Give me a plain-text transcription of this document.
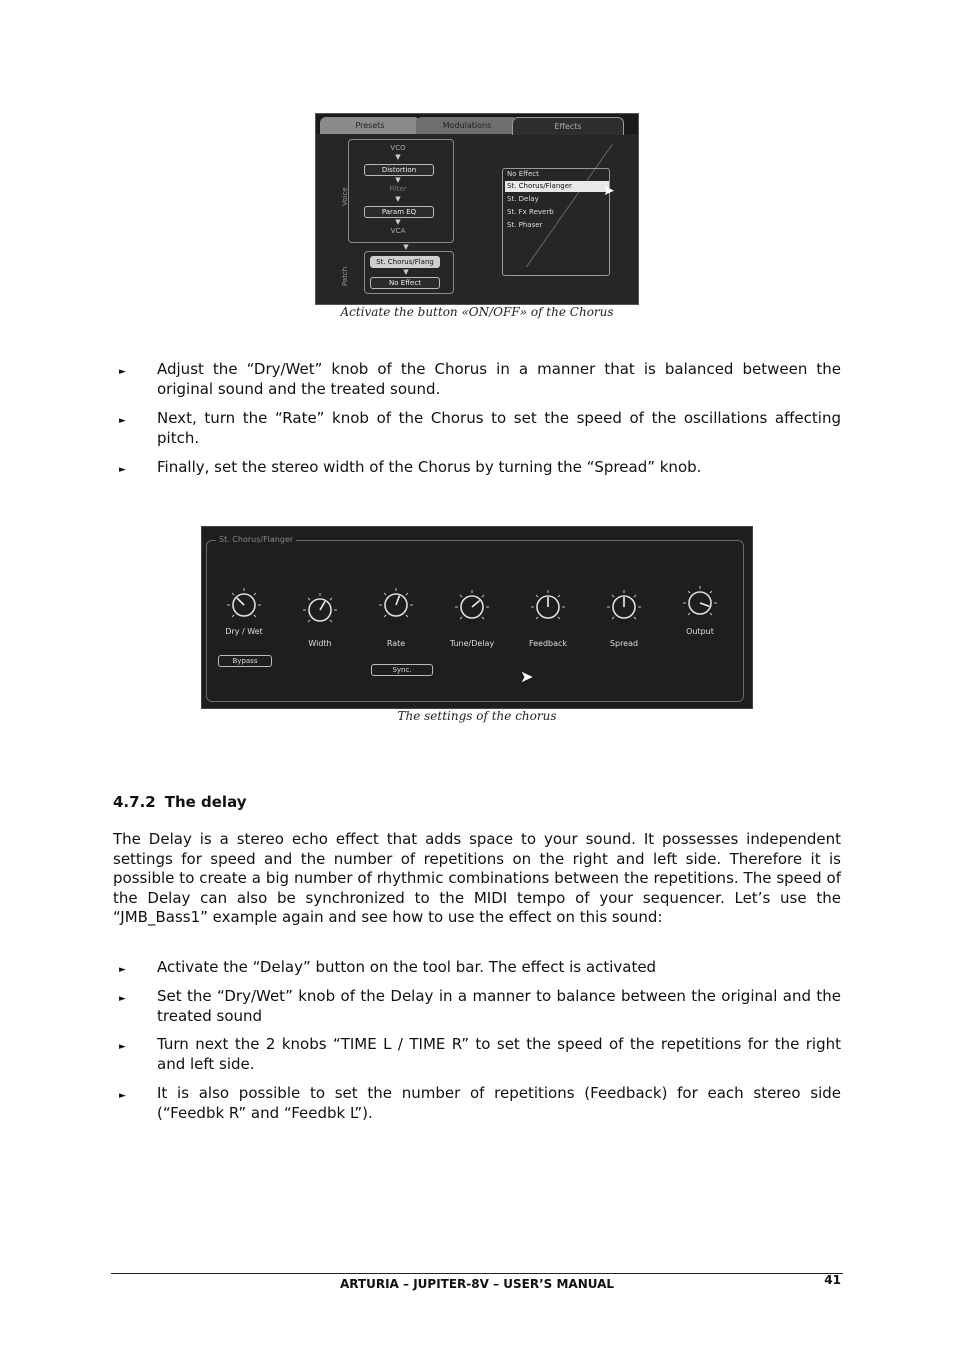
Presets	Modulations	Effects
Voice
VCO
▼
Distortion
▼
Filter
▼
Param EQ
▼
VCA
▼
Patch
St. Chorus/Flang
▼
No Effect
No Effect
St. Chorus/Flanger
St. Delay
St. Fx Reverb
St. Phaser
➤
Activate the button «ON/OFF» of the Chorus
► Adjust the “Dry/Wet” knob of the Chorus in a manner that is balanced between the original sound and the treated sound.
► Next, turn the “Rate” knob of the Chorus to set the speed of the oscillations affecting pitch.
► Finally, set the stereo width of the Chorus by turning the “Spread” knob.
St. Chorus/Flanger
Dry / Wet
Width	Rate	Tune/Delay	Feedback	Spread
Output
Bypass
Sync.	➤
The settings of the chorus
4.7.2 The delay
The Delay is a stereo echo effect that adds space to your sound. It possesses independent settings for speed and the number of repetitions on the right and left side. Therefore it is possible to create a big number of rhythmic combinations between the repetitions. The speed of the Delay can also be synchronized to the MIDI tempo of your sequencer. Let’s use the “JMB_Bass1” example again and see how to use the effect on this sound:
► Activate the “Delay” button on the tool bar. The effect is activated
► Set the “Dry/Wet” knob of the Delay in a manner to balance between the original and the treated sound
► Turn next the 2 knobs “TIME L / TIME R” to set the speed of the repetitions for the right and left side.
► It is also possible to set the number of repetitions (Feedback) for each stereo side (“Feedbk R” and “Feedbk L”).
ARTURIA – JUPITER-8V – USER’S MANUAL	41
